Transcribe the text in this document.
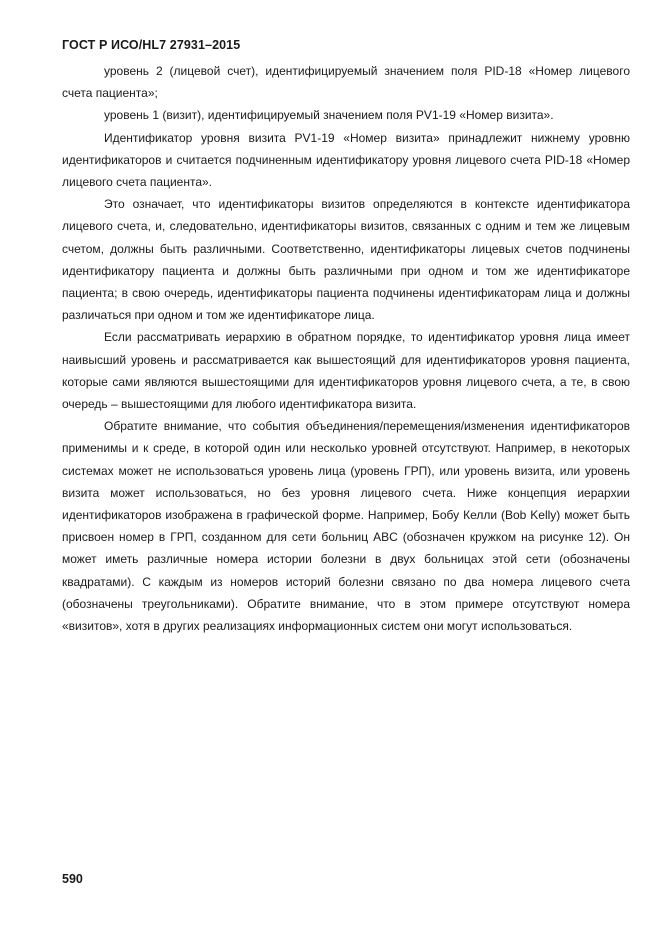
ГОСТ Р ИСО/HL7 27931–2015

уровень 2 (лицевой счет), идентифицируемый значением поля PID-18 «Номер лицевого счета пациента»;

уровень 1 (визит), идентифицируемый значением поля PV1-19 «Номер визита».

Идентификатор уровня визита PV1-19 «Номер визита» принадлежит нижнему уровню идентификаторов и считается подчиненным идентификатору уровня лицевого счета PID-18 «Номер лицевого счета пациента».

Это означает, что идентификаторы визитов определяются в контексте идентификатора лицевого счета, и, следовательно, идентификаторы визитов, связанных с одним и тем же лицевым счетом, должны быть различными. Соответственно, идентификаторы лицевых счетов подчинены идентификатору пациента и должны быть различными при одном и том же идентификаторе пациента; в свою очередь, идентификаторы пациента подчинены идентификаторам лица и должны различаться при одном и том же идентификаторе лица.

Если рассматривать иерархию в обратном порядке, то идентификатор уровня лица имеет наивысший уровень и рассматривается как вышестоящий для идентификаторов уровня пациента, которые сами являются вышестоящими для идентификаторов уровня лицевого счета, а те, в свою очередь – вышестоящими для любого идентификатора визита.

Обратите внимание, что события объединения/перемещения/изменения идентификаторов применимы и к среде, в которой один или несколько уровней отсутствуют. Например, в некоторых системах может не использоваться уровень лица (уровень ГРП), или уровень визита, или уровень визита может использоваться, но без уровня лицевого счета. Ниже концепция иерархии идентификаторов изображена в графической форме. Например, Бобу Келли (Bob Kelly) может быть присвоен номер в ГРП, созданном для сети больниц ABC (обозначен кружком на рисунке 12). Он может иметь различные номера истории болезни в двух больницах этой сети (обозначены квадратами). С каждым из номеров историй болезни связано по два номера лицевого счета (обозначены треугольниками). Обратите внимание, что в этом примере отсутствуют номера «визитов», хотя в других реализациях информационных систем они могут использоваться.

590
